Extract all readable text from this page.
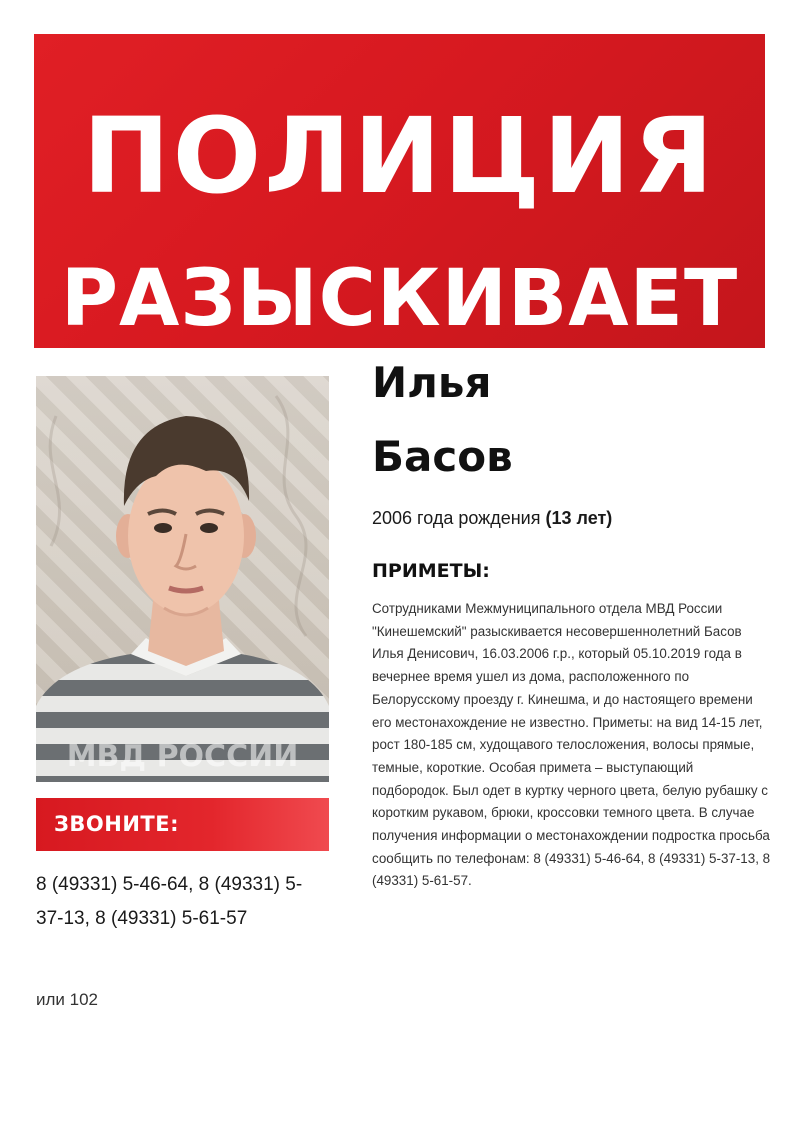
ПОЛИЦИЯ
РАЗЫСКИВАЕТ
МВД РОССИИ
ЗВОНИТЕ:
8 (49331) 5-46-64, 8 (49331) 5-37-13, 8 (49331) 5-61-57
или 102
Илья
Басов
2006 года рождения (13 лет)
ПРИМЕТЫ:
Сотрудниками Межмуниципального отдела МВД России "Кинешемский" разыскивается несовершеннолетний Басов Илья Денисович, 16.03.2006 г.р., который 05.10.2019 года в вечернее время ушел из дома, расположенного по Белорусскому проезду г. Кинешма, и до настоящего времени его местонахождение не известно. Приметы: на вид 14-15 лет, рост 180-185 см, худощавого телосложения, волосы прямые, темные, короткие. Особая примета – выступающий подбородок. Был одет в куртку черного цвета, белую рубашку с коротким рукавом, брюки, кроссовки темного цвета. В случае получения информации о местонахождении подростка просьба сообщить по телефонам: 8 (49331) 5-46-64, 8 (49331) 5-37-13, 8 (49331) 5-61-57.
